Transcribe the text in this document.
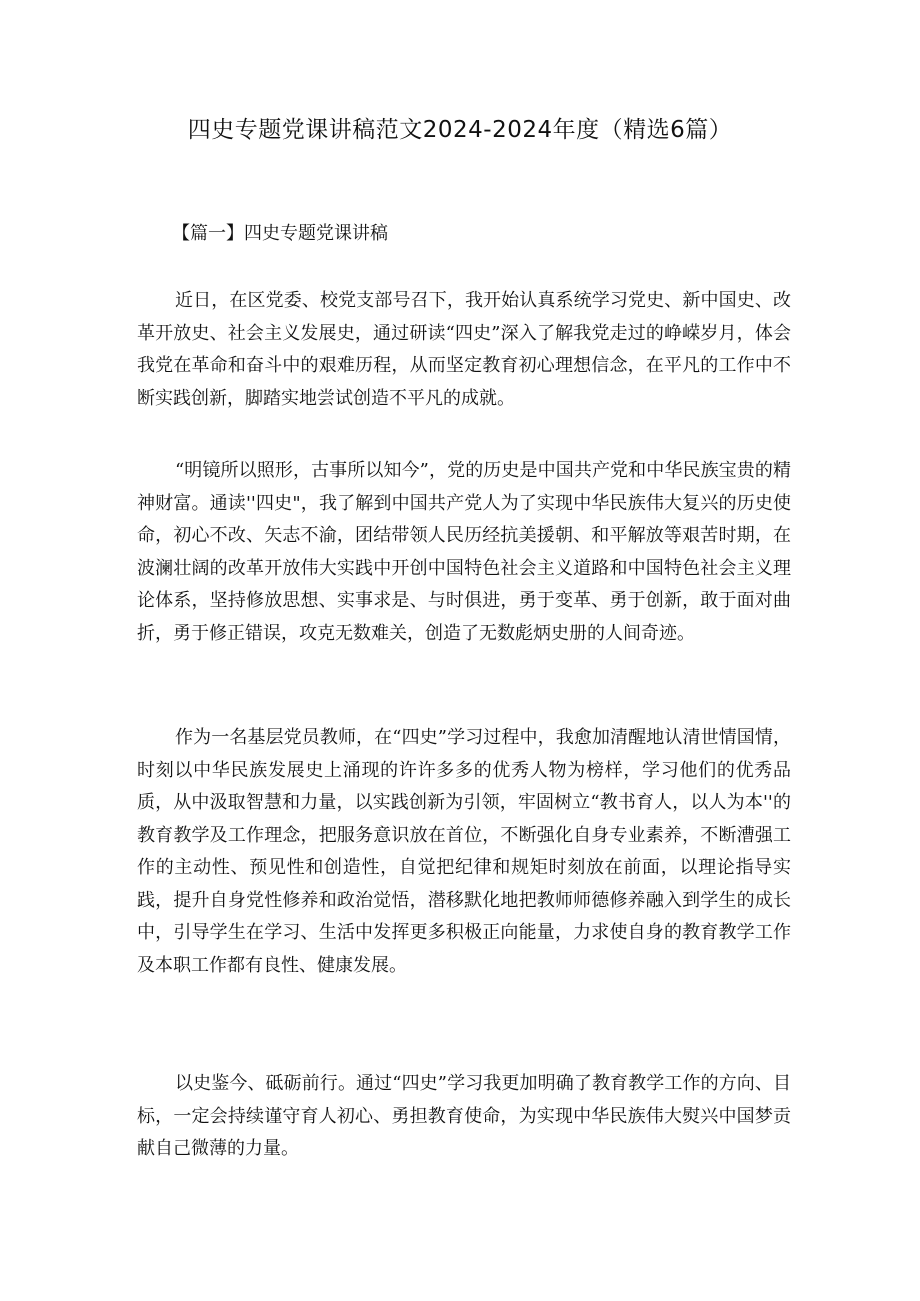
四史专题党课讲稿范文2024-2024年度（精选6篇）

【篇一】四史专题党课讲稿

近日，在区党委、校党支部号召下，我开始认真系统学习党史、新中国史、改革开放史、社会主义发展史，通过研读“四史”深入了解我党走过的峥嵘岁月，体会我党在革命和奋斗中的艰难历程，从而坚定教育初心理想信念，在平凡的工作中不断实践创新，脚踏实地尝试创造不平凡的成就。

“明镜所以照形，古事所以知今”，党的历史是中国共产党和中华民族宝贵的精神财富。通读''四史"，我了解到中国共产党人为了实现中华民族伟大复兴的历史使命，初心不改、矢志不渝，团结带领人民历经抗美援朝、和平解放等艰苦时期，在波澜壮阔的改革开放伟大实践中开创中国特色社会主义道路和中国特色社会主义理论体系，坚持修放思想、实事求是、与时俱进，勇于变革、勇于创新，敢于面对曲折，勇于修正错误，攻克无数难关，创造了无数彪炳史册的人间奇迹。

作为一名基层党员教师，在“四史”学习过程中，我愈加清醒地认清世情国情，时刻以中华民族发展史上涌现的许许多多的优秀人物为榜样，学习他们的优秀品质，从中汲取智慧和力量，以实践创新为引领，牢固树立“教书育人，以人为本''的教育教学及工作理念，把服务意识放在首位，不断强化自身专业素养，不断漕强工作的主动性、预见性和创造性，自觉把纪律和规矩时刻放在前面，以理论指导实践，提升自身党性修养和政治觉悟，潜移默化地把教师师德修养融入到学生的成长中，引导学生在学习、生活中发挥更多积极正向能量，力求使自身的教育教学工作及本职工作都有良性、健康发展。

以史鉴今、砥砺前行。通过“四史”学习我更加明确了教育教学工作的方向、目标，一定会持续谨守育人初心、勇担教育使命，为实现中华民族伟大熨兴中国梦贡献自己微薄的力量。
